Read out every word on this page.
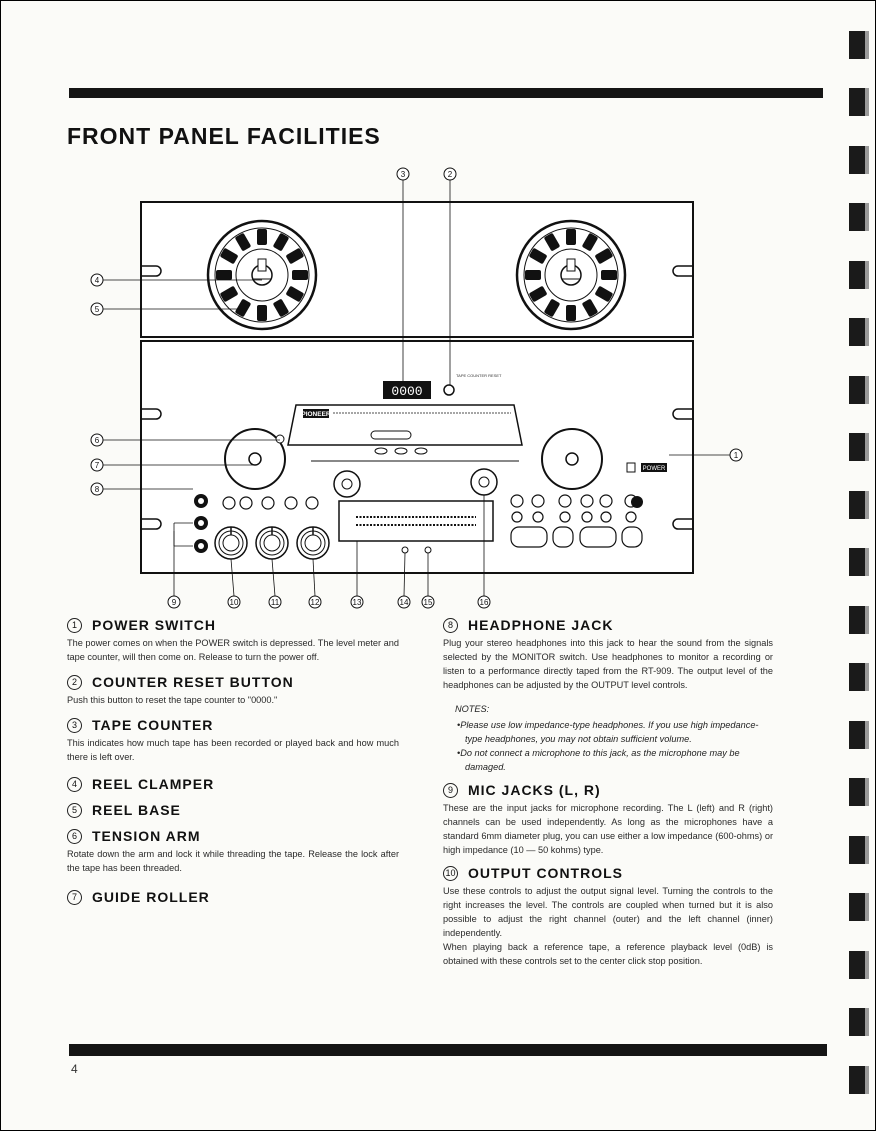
FRONT PANEL FACILITIES
0000
TAPE COUNTER RESET
PIONEER
POWER
3	2
4
5
6
7
8
1
9	10	11	12	13	14 15	16
1	POWER SWITCH
The power comes on when the POWER switch is depressed. The level meter and tape counter, will then come on. Release to turn the power off.
2	COUNTER RESET BUTTON
Push this button to reset the tape counter to "0000."
3	TAPE COUNTER
This indicates how much tape has been recorded or played back and how much there is left over.
4	REEL CLAMPER
5	REEL BASE
6	TENSION ARM
Rotate down the arm and lock it while threading the tape. Release the lock after the tape has been threaded.
7	GUIDE ROLLER
8	HEADPHONE JACK
Plug your stereo headphones into this jack to hear the sound from the signals selected by the MONITOR switch. Use headphones to monitor a recording or listen to a performance directly taped from the RT-909. The output level of the headphones can be adjusted by the OUTPUT level controls.
NOTES:
•Please use low impedance-type headphones. If you use high impedance-type headphones, you may not obtain sufficient volume.
•Do not connect a microphone to this jack, as the microphone may be damaged.
9	MIC JACKS (L, R)
These are the input jacks for microphone recording. The L (left) and R (right) channels can be used independently. As long as the microphones have a standard 6mm diameter plug, you can use either a low impedance (600-ohms) or high impedance (10 — 50 kohms) type.
10 OUTPUT CONTROLS
Use these controls to adjust the output signal level. Turning the controls to the right increases the level. The controls are coupled when turned but it is also possible to adjust the right channel (outer) and the left channel (inner) independently.
When playing back a reference tape, a reference playback level (0dB) is obtained with these controls set to the center click stop position.
4
